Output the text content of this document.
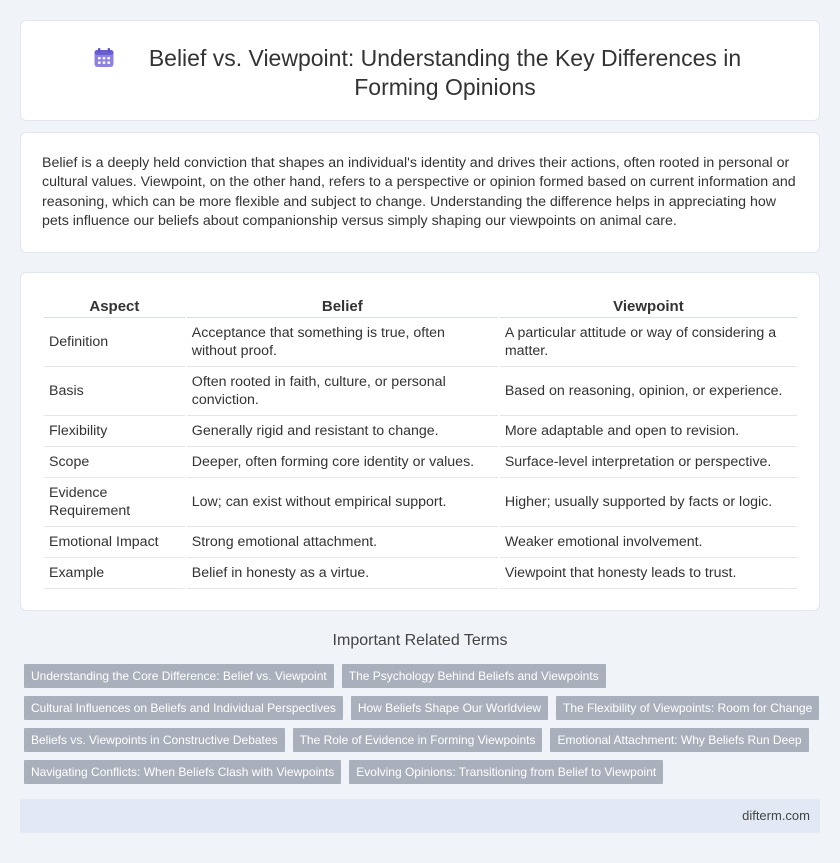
Belief vs. Viewpoint: Understanding the Key Differences in Forming Opinions

Belief is a deeply held conviction that shapes an individual's identity and drives their actions, often rooted in personal or cultural values. Viewpoint, on the other hand, refers to a perspective or opinion formed based on current information and reasoning, which can be more flexible and subject to change. Understanding the difference helps in appreciating how pets influence our beliefs about companionship versus simply shaping our viewpoints on animal care.

Aspect	Belief	Viewpoint
Definition	Acceptance that something is true, often without proof.	A particular attitude or way of considering a matter.
Basis	Often rooted in faith, culture, or personal conviction.	Based on reasoning, opinion, or experience.
Flexibility	Generally rigid and resistant to change.	More adaptable and open to revision.
Scope	Deeper, often forming core identity or values.	Surface-level interpretation or perspective.
Evidence Requirement	Low; can exist without empirical support.	Higher; usually supported by facts or logic.
Emotional Impact	Strong emotional attachment.	Weaker emotional involvement.
Example	Belief in honesty as a virtue.	Viewpoint that honesty leads to trust.
Important Related Terms
Understanding the Core Difference: Belief vs. Viewpoint	The Psychology Behind Beliefs and Viewpoints
Cultural Influences on Beliefs and Individual Perspectives	How Beliefs Shape Our Worldview	The Flexibility of Viewpoints: Room for Change
Beliefs vs. Viewpoints in Constructive Debates	The Role of Evidence in Forming Viewpoints	Emotional Attachment: Why Beliefs Run Deep
Navigating Conflicts: When Beliefs Clash with Viewpoints	Evolving Opinions: Transitioning from Belief to Viewpoint
difterm.com
